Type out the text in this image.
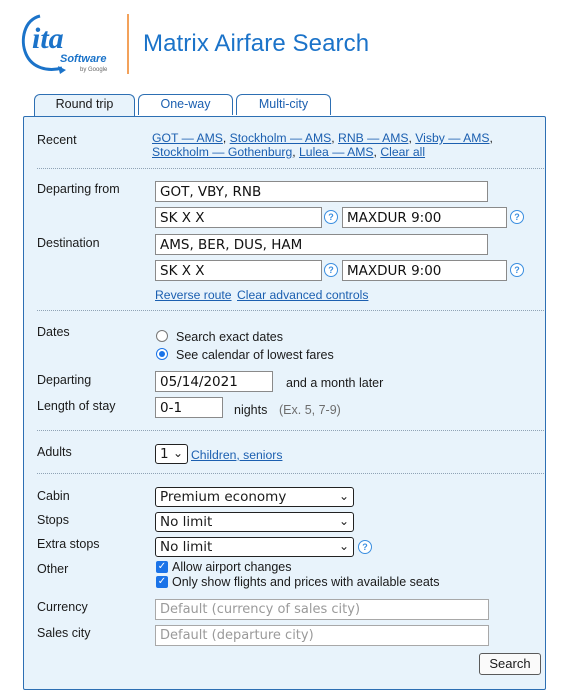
ita
Software
by Google
Matrix Airfare Search
Round trip	One-way	Multi-city
Recent	GOT — AMS, Stockholm — AMS, RNB — AMS, Visby — AMS,
Stockholm — Gothenburg, Lulea — AMS, Clear all
Departing from	GOT, VBY, RNB
SK X X	? MAXDUR 9:00	?
Destination	AMS, BER, DUS, HAM
SK X X	? MAXDUR 9:00	?
Reverse route Clear advanced controls
Dates	Search exact dates
See calendar of lowest fares
Departing	05/14/2021	and a month later
Length of stay	0-1	nights (Ex. 5, 7-9)
Adults	1 ⌄ Children, seniors
Cabin	Premium economy	⌄
Stops	No limit	⌄
Extra stops	No limit	⌄	?
Other	✓ Allow airport changes
✓ Only show flights and prices with available seats
Currency	Default (currency of sales city)
Sales city	Default (departure city)
Search
